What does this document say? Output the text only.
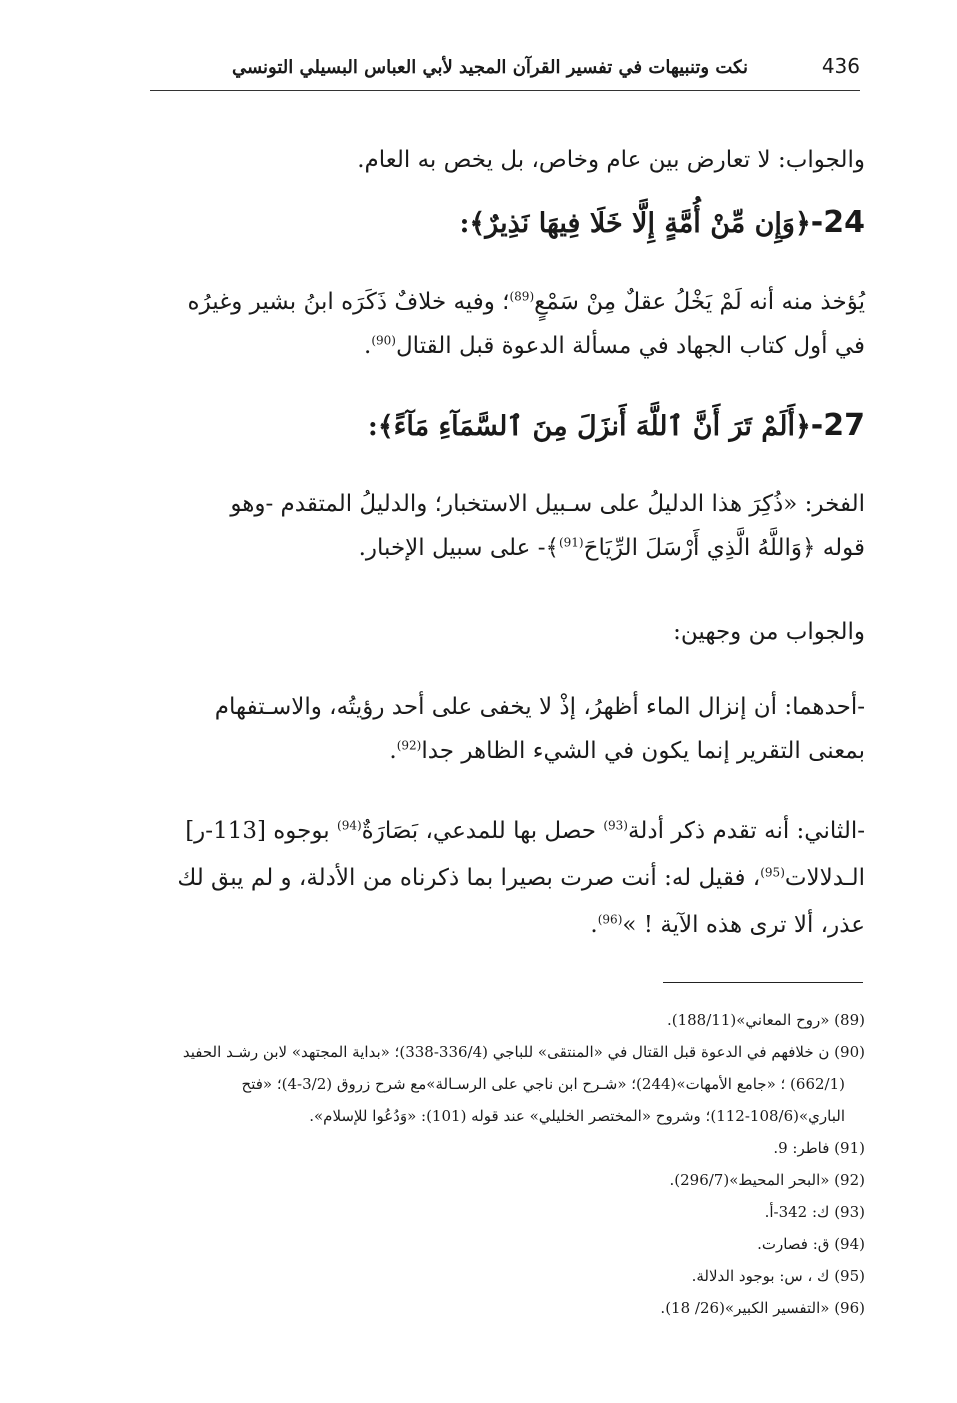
436
نكت وتنبيهات في تفسير القرآن المجيد لأبي العباس البسيلي التونسي
والجواب: لا تعارض بين عام وخاص، بل يخص به العام.
24-﴿وَإِن مِّنْ أُمَّةٍ إِلَّا خَلَا فِيهَا نَذِيرٌ﴾:
يُؤخذ منه أنه لَمْ يَخْلُ عقلٌ مِنْ سَمْعٍ$^{(89)}$؛ وفيه خلافٌ ذَكَرَه ابنُ بشير وغيرُه
في أول كتاب الجهاد في مسألة الدعوة قبل القتال$^{(90)}$.
27-﴿أَلَمْ تَرَ أَنَّ ٱللَّهَ أَنزَلَ مِنَ ٱلسَّمَآءِ مَآءً﴾:
الفخر: «ذُكِرَ هذا الدليلُ على سـبيل الاستخبار؛ والدليلُ المتقدم -وهو
قوله ﴿وَاللَّهُ الَّذِي أَرْسَلَ الرِّيَاحَ$^{(91)}$﴾- على سبيل الإخبار.
والجواب من وجهين:
-أحدهما: أن إنزال الماء أظهرُ، إذْ لا يخفى على أحد رؤيتُه، والاسـتفهام
بمعنى التقرير إنما يكون في الشيء الظاهر جدا$^{(92)}$.
-الثاني: أنه تقدم ذكر أدلة$^{(93)}$ حصل بها للمدعي، بَصَارَةٌ$^{(94)}$ بوجوه [113-ر]
الـدلالات$^{(95)}$، فقيل له: أنت صرت بصيرا بما ذكرناه من الأدلة، و لم يبق لك
عذر، ألا ترى هذه الآية ! »$^{(96)}$.
(89) «روح المعاني»(188/11).
(90) ن خلافهم في الدعوة قبل القتال في «المنتقى» للباجي (336/4-338)؛ «بداية المجتهد» لابن رشـد الحفيد
(662/1) ؛ «جامع الأمهات»(244)؛ «شـرح ابن ناجي على الرسـالة»مع شرح زروق (3/2-4)؛ «فتح
الباري»(108/6-112)؛ وشروح «المختصر الخليلي» عند قوله (101): «وَدُعُوا للإسلام».
(91) فاطر: 9.
(92) «البحر المحيط»(296/7).
(93) ك: 342-أ.
(94) ق: فصارت.
(95) ك ، س: بوجود الدلالة.
(96) «التفسير الكبير»(26/ 18).
